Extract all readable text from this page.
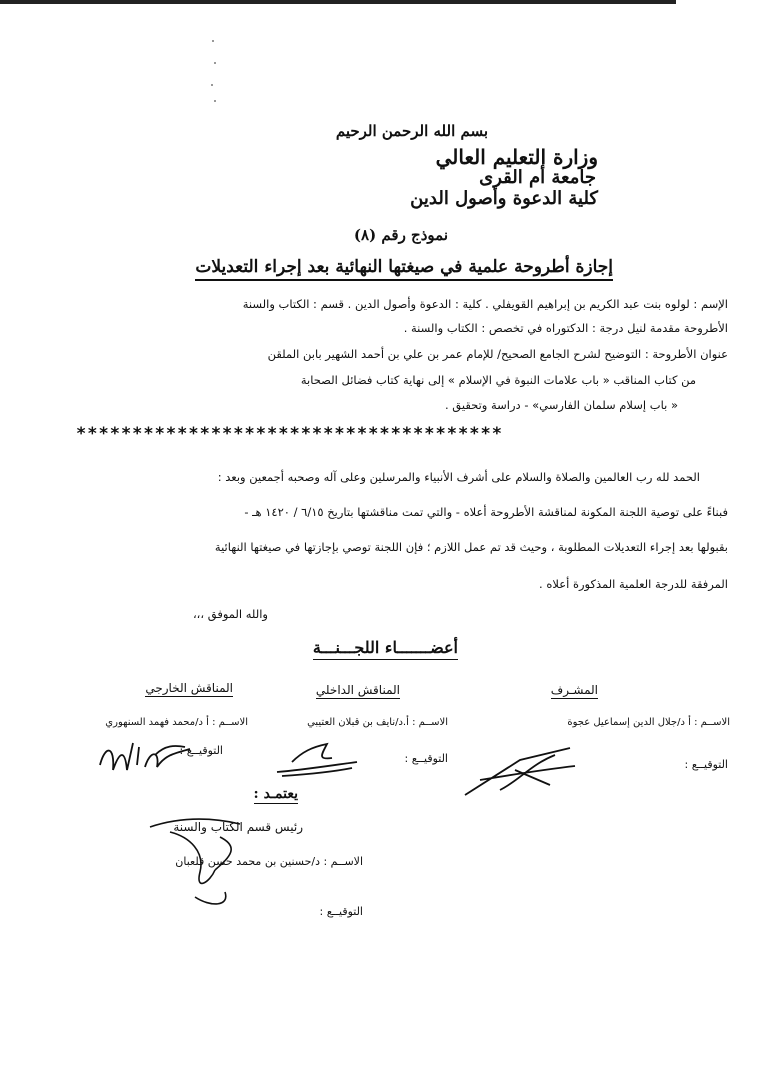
بسم الله الرحمن الرحيم
وزارة التعليم العالي
جامعة أم القرى
كلية الدعوة وأصول الدين
نموذج رقم (٨)
إجازة أطروحة علمية في صيغتها النهائية بعد إجراء التعديلات
الإسم : لولوه بنت عبد الكريم بن إبراهيم القويفلي . كلية : الدعوة وأصول الدين . قسم : الكتاب والسنة
الأطروحة مقدمة لنيل درجة : الدكتوراه في تخصص : الكتاب والسنة .
عنوان الأطروحة : التوضيح لشرح الجامع الصحيح/ للإمام عمر بن علي بن أحمد الشهير بابن الملقن
من كتاب المناقب « باب علامات النبوة في الإسلام » إلى نهاية كتاب فضائل الصحابة
« باب إسلام سلمان الفارسي» - دراسة وتحقيق .
**************************************
الحمد لله رب العالمين والصلاة والسلام على أشرف الأنبياء والمرسلين وعلى آله وصحبه أجمعين وبعد :
فبناءً على توصية اللجنة المكونة لمناقشة الأطروحة أعلاه - والتي تمت مناقشتها بتاريخ ٦/١٥ / ١٤٢٠ هـ -
بقبولها بعد إجراء التعديلات المطلوبة ، وحيث قد تم عمل اللازم ؛ فإن اللجنة توصي بإجازتها في صيغتها النهائية
المرفقة للدرجة العلمية المذكورة أعلاه .
والله الموفق ،،،
أعضـــــــاء اللجـــنـــة
المشـرف
المناقش الداخلي
المناقش الخارجي
الاســم : أ د/جلال الدين إسماعيل عجوة
الاســم : أ.د/نايف بن قبلان العتيبي
الاســم : أ د/محمد فهمد السنهوري
التوقيــع :
التوقيــع :
التوقيــع :
يعتمـد :
رئيس قسم الكتاب والسنة
الاســم : د/حسنين بن محمد حسن قلعبان
التوقيــع :
